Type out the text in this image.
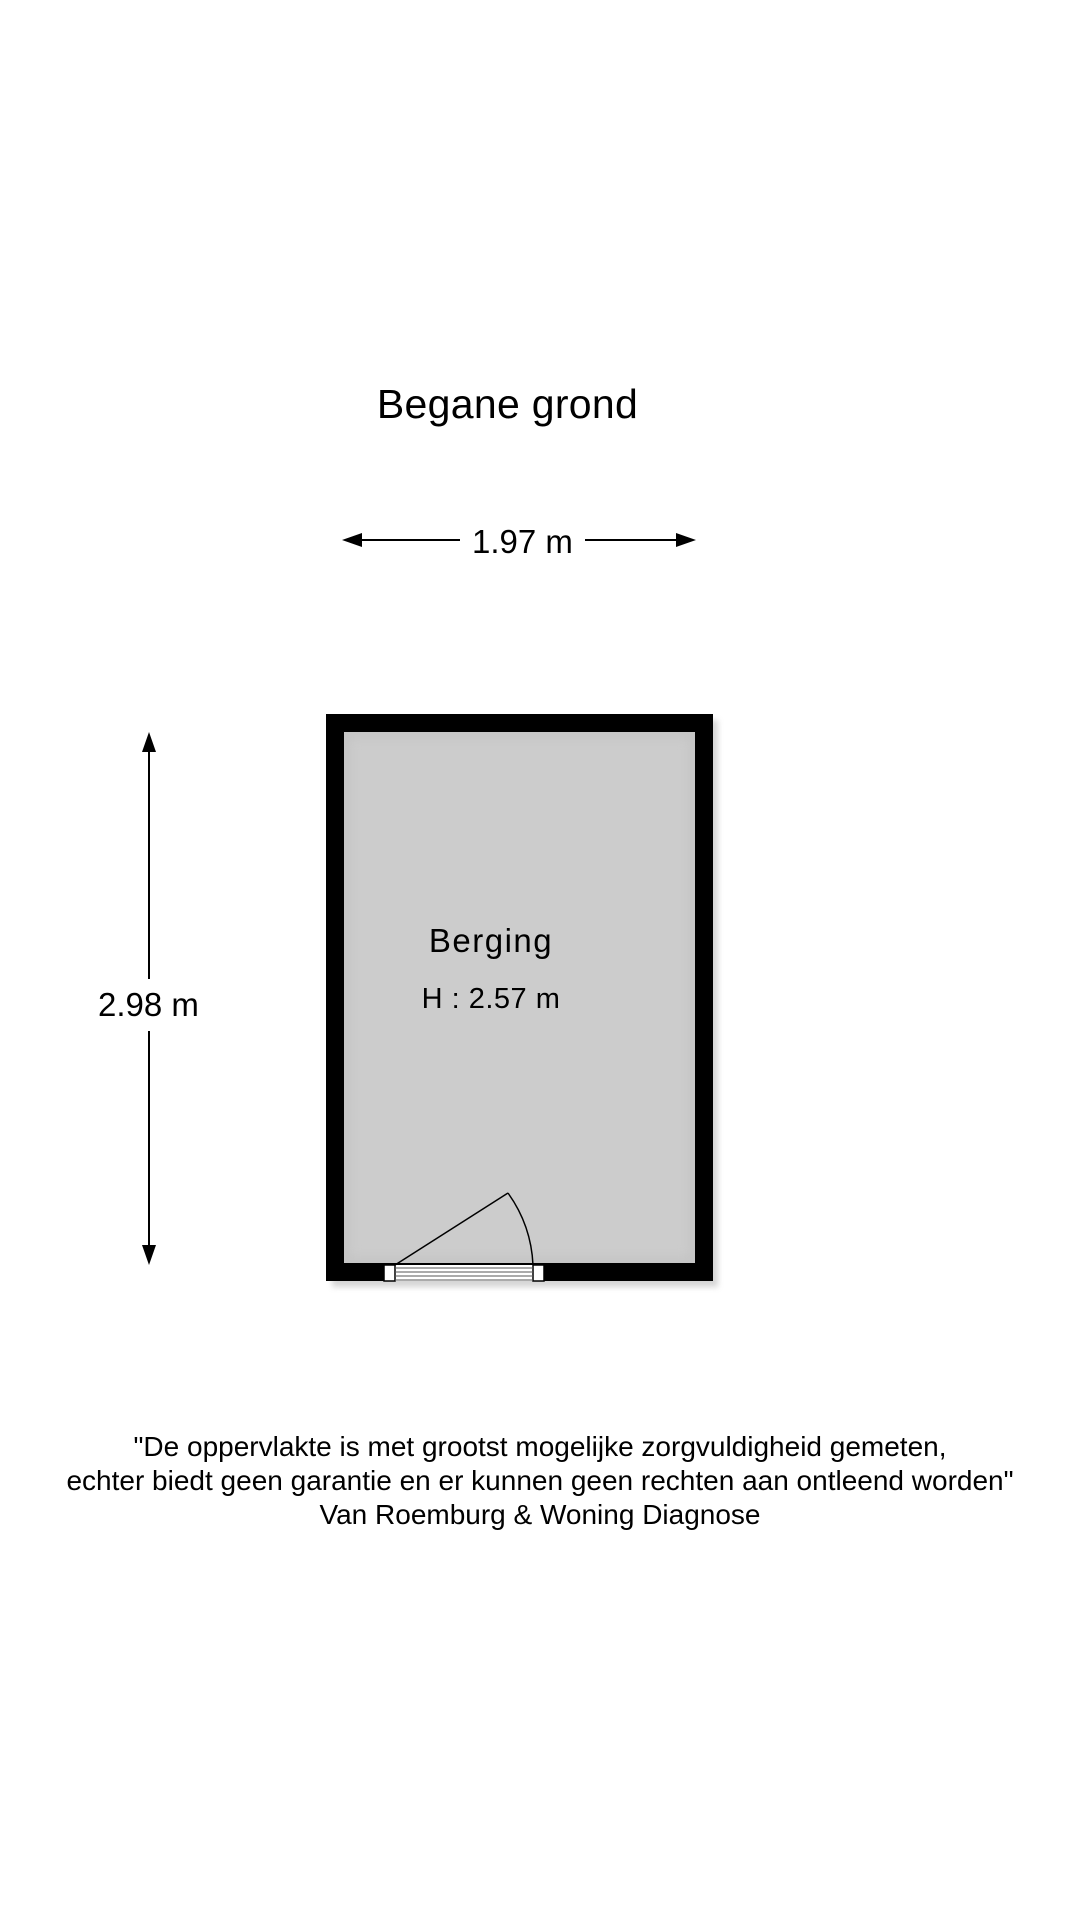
Begane grond
1.97 m
2.98 m
Berging
H : 2.57 m
"De oppervlakte is met grootst mogelijke zorgvuldigheid gemeten,
echter biedt geen garantie en er kunnen geen rechten aan ontleend worden"
Van Roemburg & Woning Diagnose
